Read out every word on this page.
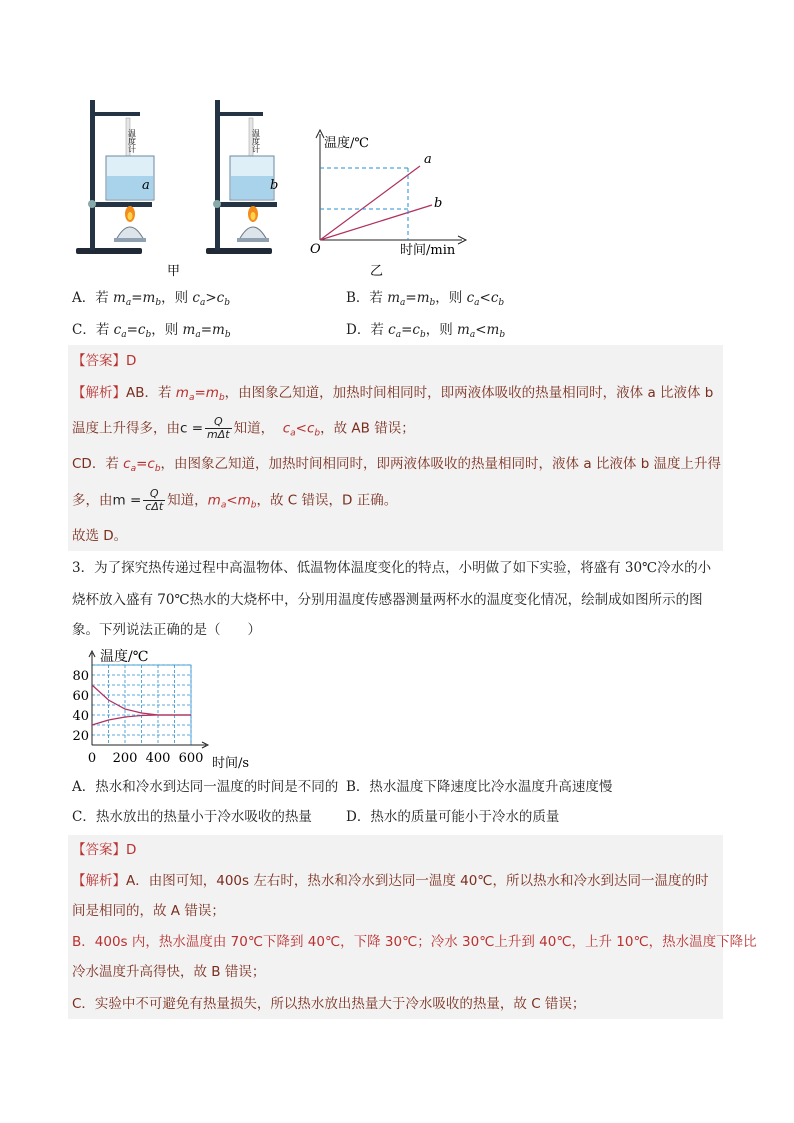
温度计
a
温度计
b
甲
温度/℃
时间/min
O
a
b
乙
A．若 $m_a=m_b$，则 $c_a>c_b$	B．若 $m_a=m_b$，则 $c_a<c_b$
C．若 $c_a=c_b$，则 $m_a=m_b$	D．若 $c_a=c_b$，则 $m_a<m_b$
【答案】D
【解析】AB．若 $m_a=m_b$，由图象乙知道，加热时间相同时，即两液体吸收的热量相同时，液体 a 比液体 b
温度上升得多，由$c = \frac{Q}{\text{mΔt}}$ 知道， $c_a<c_b$，故 AB 错误；
CD．若 $c_a=c_b$，由图象乙知道，加热时间相同时，即两液体吸收的热量相同时，液体 a 比液体 b 温度上升得
多，由$m = \frac{Q}{\text{cΔt}}$ 知道，$m_a<m_b$，故 C 错误，D 正确。
故选 D。
3．为了探究热传递过程中高温物体、低温物体温度变化的特点，小明做了如下实验，将盛有 30℃冷水的小
烧杯放入盛有 70℃热水的大烧杯中，分别用温度传感器测量两杯水的温度变化情况，绘制成如图所示的图
象。下列说法正确的是（　　）
20
40
60
80
0 200 400 600
温度/℃
时间/s
A．热水和冷水到达同一温度的时间是不同的 B．热水温度下降速度比冷水温度升高速度慢
C．热水放出的热量小于冷水吸收的热量	D．热水的质量可能小于冷水的质量
【答案】D
【解析】A．由图可知，400s 左右时，热水和冷水到达同一温度 40℃，所以热水和冷水到达同一温度的时
间是相同的，故 A 错误；
B．400s 内，热水温度由 70℃下降到 40℃，下降 30℃；冷水 30℃上升到 40℃，上升 10℃，热水温度下降比
冷水温度升高得快，故 B 错误；
C．实验中不可避免有热量损失，所以热水放出热量大于冷水吸收的热量，故 C 错误；
